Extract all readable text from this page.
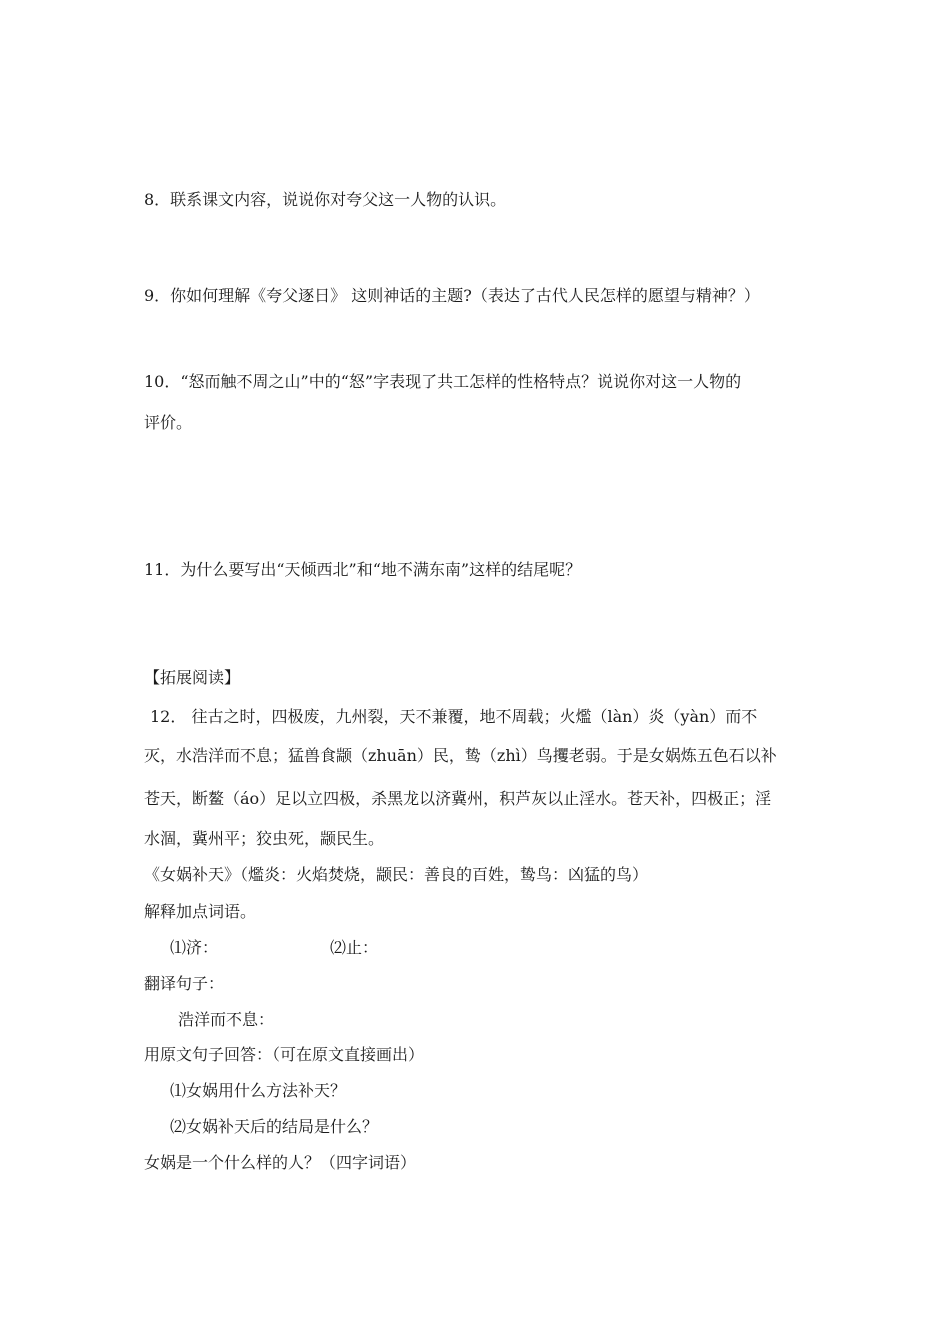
8．联系课文内容，说说你对夸父这一人物的认识。
9．你如何理解《夸父逐日》 这则神话的主题?（表达了古代人民怎样的愿望与精神？）
10．“怒而触不周之山”中的“怒”字表现了共工怎样的性格特点？说说你对这一人物的
评价。
11．为什么要写出“天倾西北”和“地不满东南”这样的结尾呢？
【拓展阅读】
12． 往古之时，四极废，九州裂，天不兼覆，地不周载；火爁（làn）炎（yàn）而不
灭，水浩洋而不息；猛兽食颛（zhuān）民，鸷（zhì）鸟攫老弱。于是女娲炼五色石以补
苍天，断鳌（áo）足以立四极，杀黑龙以济冀州，积芦灰以止淫水。苍天补，四极正；淫
水涸，冀州平；狡虫死，颛民生。
《女娲补天》（爁炎：火焰焚烧，颛民：善良的百姓，鸷鸟：凶猛的鸟）
解释加点词语。
⑴济：	⑵止：
翻译句子：
浩洋而不息：
用原文句子回答：（可在原文直接画出）
⑴女娲用什么方法补天？
⑵女娲补天后的结局是什么？
女娲是一个什么样的人？（四字词语）
